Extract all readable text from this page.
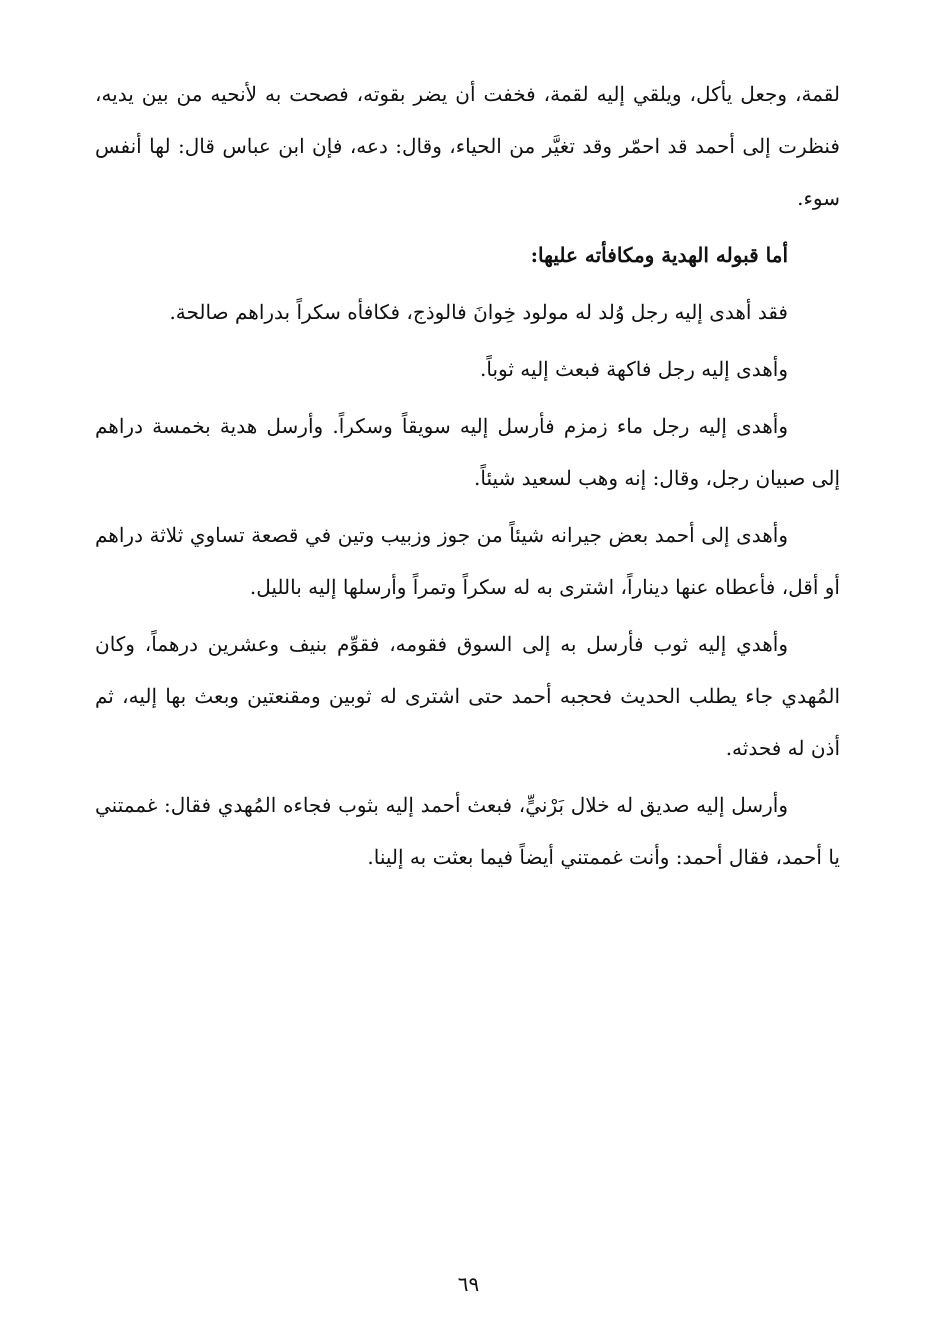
لقمة، وجعل يأكل، ويلقي إليه لقمة، فخفت أن يضر بقوته، فصحت به لأنحيه من بين يديه، فنظرت إلى أحمد قد احمّر وقد تغيَّر من الحياء، وقال: دعه، فإن ابن عباس قال: لها أنفس سوء.

أما قبوله الهدية ومكافأته عليها:

فقد أهدى إليه رجل وُلد له مولود خِوانَ فالوذج، فكافأه سكراً بدراهم صالحة.

وأهدى إليه رجل فاكهة فبعث إليه ثوباً.

وأهدى إليه رجل ماء زمزم فأرسل إليه سويقاً وسكراً. وأرسل هدية بخمسة دراهم إلى صبيان رجل، وقال: إنه وهب لسعيد شيئاً.

وأهدى إلى أحمد بعض جيرانه شيئاً من جوز وزبيب وتين في قصعة تساوي ثلاثة دراهم أو أقل، فأعطاه عنها ديناراً، اشترى به له سكراً وتمراً وأرسلها إليه بالليل.

وأهدي إليه ثوب فأرسل به إلى السوق فقومه، فقوِّم بنيف وعشرين درهماً، وكان المُهدي جاء يطلب الحديث فحجبه أحمد حتى اشترى له ثوبين ومقنعتين وبعث بها إليه، ثم أذن له فحدثه.

وأرسل إليه صديق له خلال بَرْنيٍّ، فبعث أحمد إليه بثوب فجاءه المُهدي فقال: غممتني يا أحمد، فقال أحمد: وأنت غممتني أيضاً فيما بعثت به إلينا.

٦٩
